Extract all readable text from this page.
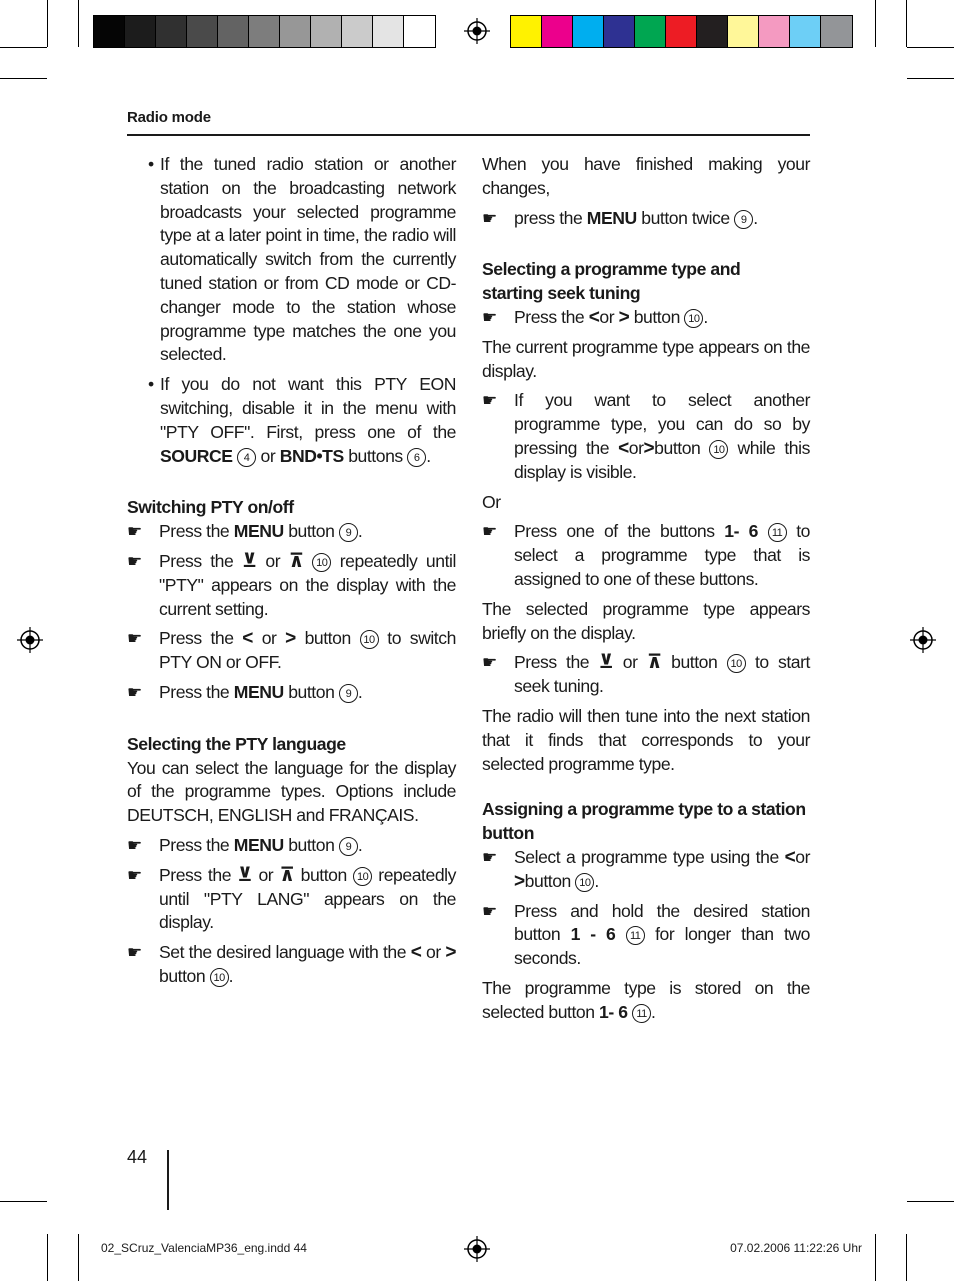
Radio mode
• If the tuned radio station or another station on the broadcasting network broadcasts your selected programme type at a later point in time, the radio will automatically switch from the currently tuned station or from CD mode or CD-changer mode to the station whose programme type matches the one you selected.
• If you do not want this PTY EON switching, disable it in the menu with "PTY OFF". First, press one of the SOURCE 4 or BND•TS buttons 6 .

Switching PTY on/off

☛ Press the MENU button 9 .
☛ Press the ⊻ or ⊼ 10 repeatedly until "PTY" appears on the display with the current setting.
☛ Press the < or > button 10 to switch PTY ON or OFF.
☛ Press the MENU button 9 .

Selecting the PTY language

You can select the language for the display of the programme types. Options include DEUTSCH, ENGLISH and FRANÇAIS.

☛ Press the MENU button 9 .
☛ Press the ⊻ or ⊼ button 10 repeatedly until "PTY LANG" appears on the display.
☛ Set the desired language with the < or > button 10 .

When you have finished making your changes,

☛ press the MENU button twice 9 .

Selecting a programme type and starting seek tuning

☛ Press the <or > button 10 .

The current programme type appears on the display.

☛ If you want to select another programme type, you can do so by pressing the <or>button 10 while this display is visible.

Or

☛ Press one of the buttons 1- 6 11 to select a programme type that is assigned to one of these buttons.

The selected programme type appears briefly on the display.

☛ Press the ⊻ or ⊼ button 10 to start seek tuning.

The radio will then tune into the next station that it finds that corresponds to your selected programme type.

Assigning a programme type to a station button

☛ Select a programme type using the <or >button 10 .
☛ Press and hold the desired station button 1 - 6 11 for longer than two seconds.

The programme type is stored on the selected button 1- 6 11 .

44
02_SCruz_ValenciaMP36_eng.indd 44	07.02.2006 11:22:26 Uhr
